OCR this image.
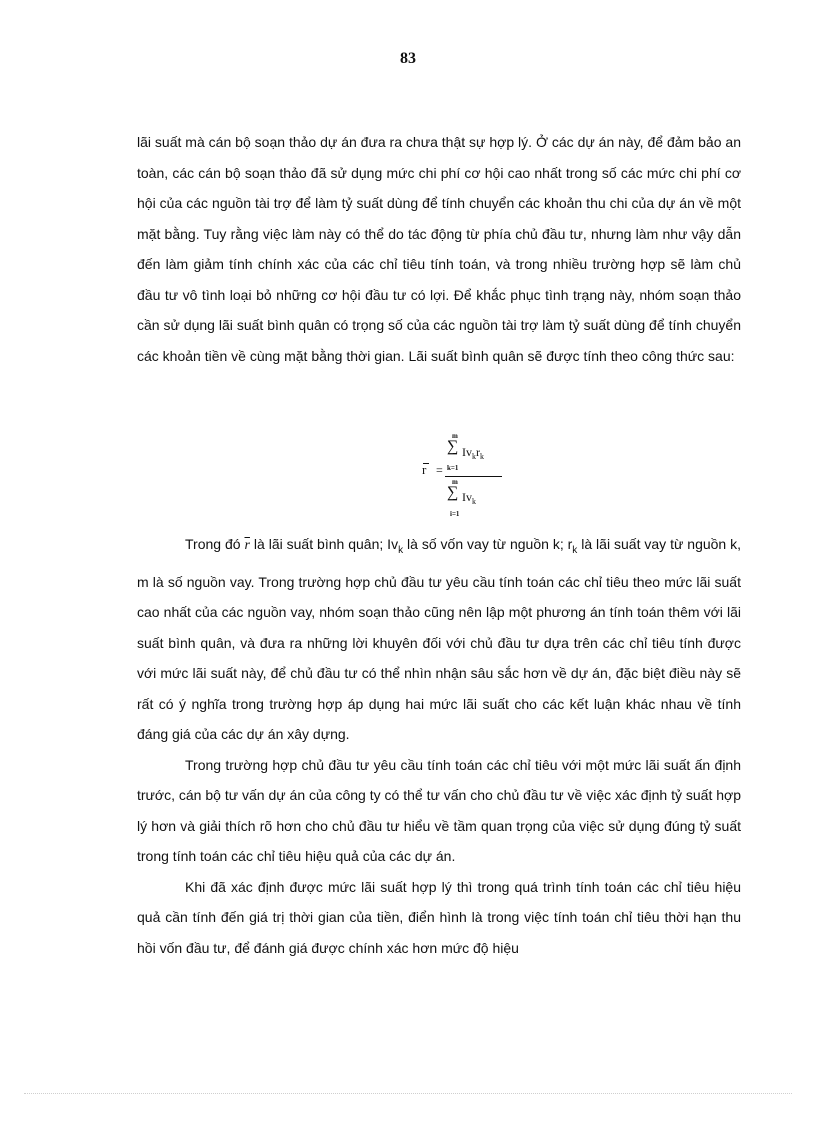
83

lãi suất mà cán bộ soạn thảo dự án đưa ra chưa thật sự hợp lý. Ở các dự án này, để đảm bảo an toàn, các cán bộ soạn thảo đã sử dụng mức chi phí cơ hội cao nhất trong số các mức chi phí cơ hội của các nguồn tài trợ để làm tỷ suất dùng để tính chuyển các khoản thu chi của dự án về một mặt bằng. Tuy rằng việc làm này có thể do tác động từ phía chủ đầu tư, nhưng làm như vậy dẫn đến làm giảm tính chính xác của các chỉ tiêu tính toán, và trong nhiều trường hợp sẽ làm chủ đầu tư vô tình loại bỏ những cơ hội đầu tư có lợi. Để khắc phục tình trạng này, nhóm soạn thảo cần sử dụng lãi suất bình quân có trọng số của các nguồn tài trợ làm tỷ suất dùng để tính chuyển các khoản tiền về cùng mặt bằng thời gian. Lãi suất bình quân sẽ được tính theo công thức sau:

r =
m
∑
k=1
$Iv_kr_k$
m
∑
i=1
$Iv_k$

Trong đó $\overline{r}$ là lãi suất bình quân; $Iv_k$ là số vốn vay từ nguồn k; $r_k$ là lãi suất vay từ nguồn k, m là số nguồn vay. Trong trường hợp chủ đầu tư yêu cầu tính toán các chỉ tiêu theo mức lãi suất cao nhất của các nguồn vay, nhóm soạn thảo cũng nên lập một phương án tính toán thêm với lãi suất bình quân, và đưa ra những lời khuyên đối với chủ đầu tư dựa trên các chỉ tiêu tính được với mức lãi suất này, để chủ đầu tư có thể nhìn nhận sâu sắc hơn về dự án, đặc biệt điều này sẽ rất có ý nghĩa trong trường hợp áp dụng hai mức lãi suất cho các kết luận khác nhau về tính đáng giá của các dự án xây dựng.

Trong trường hợp chủ đầu tư yêu cầu tính toán các chỉ tiêu với một mức lãi suất ấn định trước, cán bộ tư vấn dự án của công ty có thể tư vấn cho chủ đầu tư về việc xác định tỷ suất hợp lý hơn và giải thích rõ hơn cho chủ đầu tư hiểu về tầm quan trọng của việc sử dụng đúng tỷ suất trong tính toán các chỉ tiêu hiệu quả của các dự án.

Khi đã xác định được mức lãi suất hợp lý thì trong quá trình tính toán các chỉ tiêu hiệu quả cần tính đến giá trị thời gian của tiền, điển hình là trong việc tính toán chỉ tiêu thời hạn thu hồi vốn đầu tư, để đánh giá được chính xác hơn mức độ hiệu
